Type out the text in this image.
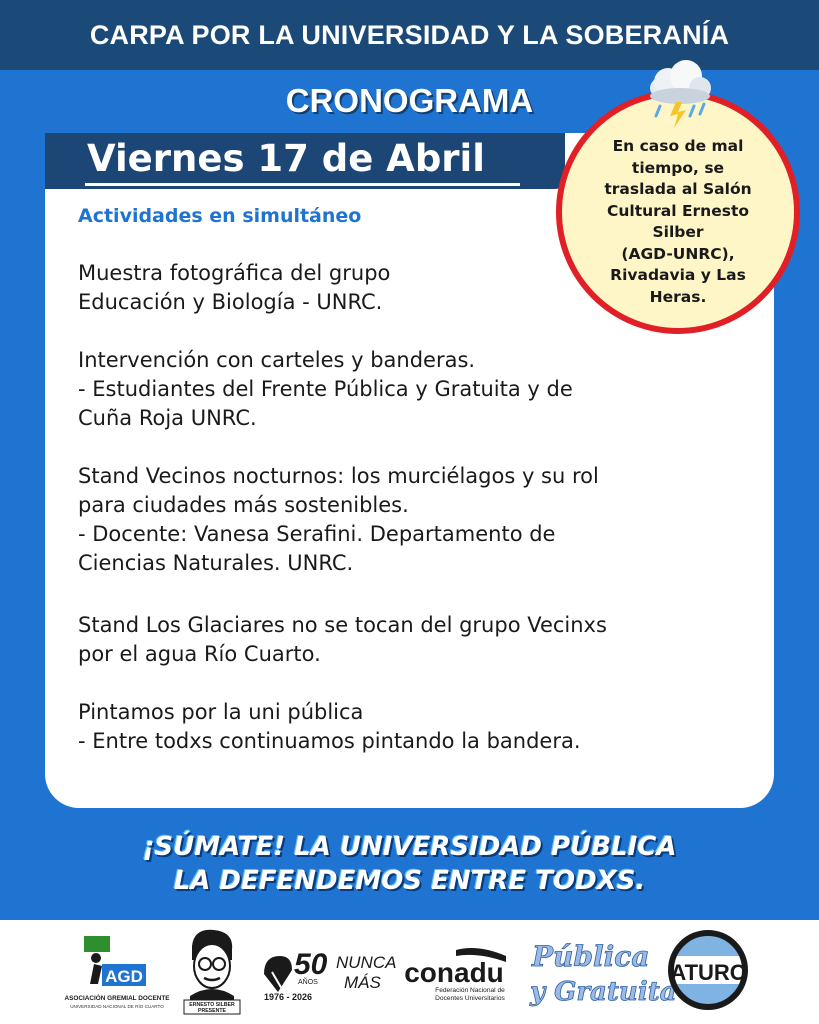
CARPA POR LA UNIVERSIDAD Y LA SOBERANÍA
CRONOGRAMA
Viernes 17 de Abril
Actividades en simultáneo
Muestra fotográfica del grupo
Educación y Biología - UNRC.
Intervención con carteles y banderas.
- Estudiantes del Frente Pública y Gratuita y de
Cuña Roja UNRC.
Stand Vecinos nocturnos: los murciélagos y su rol
para ciudades más sostenibles.
- Docente: Vanesa Serafini. Departamento de
Ciencias Naturales. UNRC.
Stand Los Glaciares no se tocan del grupo Vecinxs
por el agua Río Cuarto.
Pintamos por la uni pública
- Entre todxs continuamos pintando la bandera.
En caso de mal
tiempo, se
traslada al Salón
Cultural Ernesto
Silber
(AGD-UNRC),
Rivadavia y Las
Heras.
¡SÚMATE! LA UNIVERSIDAD PÚBLICA
LA DEFENDEMOS ENTRE TODXS.
AGD
ASOCIACIÓN GREMIAL DOCENTE
UNIVERSIDAD NACIONAL DE RÍO CUARTO	ERNESTO SILBER
PRESENTE
50
AÑOS
1976 - 2026
NUNCA
MÁS conadu
Federación Nacional de
Docentes Universitarios
Pública
y Gratuita
ATURC
